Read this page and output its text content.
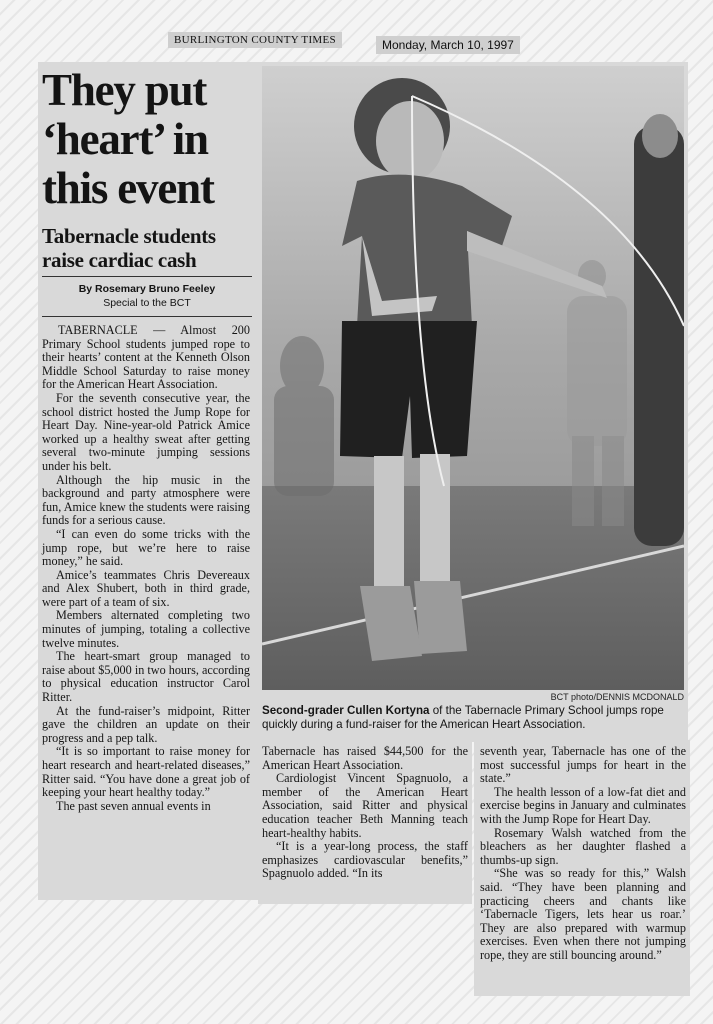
BURLINGTON COUNTY TIMES	Monday, March 10, 1997
They put
‘heart’ in
this event
Tabernacle students
raise cardiac cash
By Rosemary Bruno Feeley
Special to the BCT

TABERNACLE — Almost 200 Primary School students jumped rope to their hearts’ content at the Kenneth Olson Middle School Saturday to raise money for the American Heart Association.

For the seventh consecutive year, the school district hosted the Jump Rope for Heart Day. Nine-year-old Patrick Amice worked up a healthy sweat after getting several two-minute jumping sessions under his belt.

Although the hip music in the background and party atmosphere were fun, Amice knew the students were raising funds for a serious cause.

“I can even do some tricks with the jump rope, but we’re here to raise money,” he said.

Amice’s teammates Chris Devereaux and Alex Shubert, both in third grade, were part of a team of six.

Members alternated completing two minutes of jumping, totaling a collective twelve minutes.

The heart-smart group managed to raise about $5,000 in two hours, according to physical education instructor Carol Ritter.

At the fund-raiser’s midpoint, Ritter gave the children an update on their progress and a pep talk.

“It is so important to raise money for heart research and heart-related diseases,” Ritter said. “You have done a great job of keeping your heart healthy today.”

The past seven annual events in

BCT photo/DENNIS MCDONALD
Second-grader Cullen Kortyna of the Tabernacle Primary School jumps rope quickly during a fund-raiser for the American Heart Association.

Tabernacle has raised $44,500 for the American Heart Association.

Cardiologist Vincent Spagnuolo, a member of the American Heart Association, said Ritter and physical education teacher Beth Manning teach heart-healthy habits.

“It is a year-long process, the staff emphasizes cardiovascular benefits,” Spagnuolo added. “In its

seventh year, Tabernacle has one of the most successful jumps for heart in the state.”

The health lesson of a low-fat diet and exercise begins in January and culminates with the Jump Rope for Heart Day.

Rosemary Walsh watched from the bleachers as her daughter flashed a thumbs-up sign.

“She was so ready for this,” Walsh said. “They have been planning and practicing cheers and chants like ‘Tabernacle Tigers, lets hear us roar.’ They are also prepared with warmup exercises. Even when there not jumping rope, they are still bouncing around.”
